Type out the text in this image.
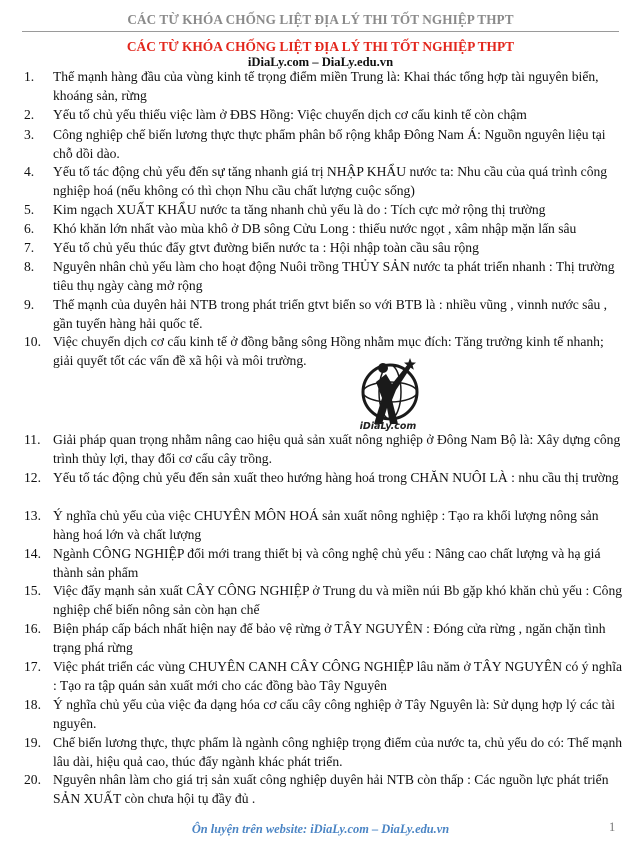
CÁC TỪ KHÓA CHỐNG LIỆT ĐỊA LÝ THI TỐT NGHIỆP THPT
CÁC TỪ KHÓA CHỐNG LIỆT ĐỊA LÝ THI TỐT NGHIỆP THPT
iDiaLy.com – DiaLy.edu.vn
1.	Thế mạnh hàng đầu của vùng kinh tế trọng điểm miền Trung là: Khai thác tổng hợp tài nguyên biển, khoáng sản, rừng
2.	Yếu tố chủ yếu thiếu việc làm ở ĐBS Hồng: Việc chuyển dịch cơ cấu kinh tế còn chậm
3.	Công nghiệp chế biến lương thực thực phẩm phân bố rộng khắp Đông Nam Á: Nguồn nguyên liệu tại chỗ dồi dào.
4.	Yếu tố tác động chủ yếu đến sự tăng nhanh giá trị NHẬP KHẨU nước ta: Nhu cầu của quá trình công nghiệp hoá (nếu không có thì chọn Nhu cầu chất lượng cuộc sống)
5.	Kim ngạch XUẤT KHẨU nước ta tăng nhanh chủ yếu là do : Tích cực mở rộng thị trường
6.	Khó khăn lớn nhất vào mùa khô ở DB sông Cửu Long : thiếu nước ngọt , xâm nhập mặn lấn sâu
7.	Yếu tố chủ yếu thúc đẩy gtvt đường biển nước ta : Hội nhập toàn cầu sâu rộng
8.	Nguyên nhân chủ yếu làm cho hoạt động Nuôi trồng THỦY SẢN nước ta phát triển nhanh : Thị trường tiêu thụ ngày càng mở rộng
9.	Thế mạnh của duyên hải NTB trong phát triển gtvt biển so với BTB là : nhiều vũng , vinnh nước sâu , gần tuyến hàng hải quốc tế.
10. Việc chuyển dịch cơ cấu kinh tế ở đồng bằng sông Hồng nhằm mục đích: Tăng trưởng kinh tế nhanh; giải quyết tốt các vấn đề xã hội và môi trường.
11. Giải pháp quan trọng nhằm nâng cao hiệu quả sản xuất nông nghiệp ở Đông Nam Bộ là: Xây dựng công trình thủy lợi, thay đổi cơ cấu cây trồng.
12. Yếu tố tác động chủ yếu đến sản xuất theo hướng hàng hoá trong CHĂN NUÔI LÀ : nhu cầu thị trường
13. Ý nghĩa chủ yếu của việc CHUYÊN MÔN HOÁ sản xuất nông nghiệp : Tạo ra khối lượng nông sản hàng hoá lớn và chất lượng
14. Ngành CÔNG NGHIỆP đổi mới trang thiết bị và công nghệ chủ yếu : Nâng cao chất lượng và hạ giá thành sản phẩm
15. Việc đẩy mạnh sản xuất CÂY CÔNG NGHIỆP ở Trung du và miền núi Bb gặp khó khăn chủ yếu : Công nghiệp chế biến nông sản còn hạn chế
16. Biện pháp cấp bách nhất hiện nay để bảo vệ rừng ở TÂY NGUYÊN : Đóng cửa rừng , ngăn chặn tình trạng phá rừng
17. Việc phát triển các vùng CHUYÊN CANH CÂY CÔNG NGHIỆP lâu năm ở TÂY NGUYÊN có ý nghĩa : Tạo ra tập quán sản xuất mới cho các đồng bào Tây Nguyên
18. Ý nghĩa chủ yếu của việc đa dạng hóa cơ cấu cây công nghiệp ở Tây Nguyên là: Sử dụng hợp lý các tài nguyên.
19. Chế biến lương thực, thực phẩm là ngành công nghiệp trọng điểm của nước ta, chủ yếu do có: Thế mạnh lâu dài, hiệu quả cao, thúc đẩy ngành khác phát triển.
20. Nguyên nhân làm cho giá trị sản xuất công nghiệp duyên hải NTB còn thấp : Các nguồn lực phát triển SẢN XUẤT còn chưa hội tụ đầy đủ .
iDiaLy.com
Ôn luyện trên website: iDiaLy.com – DiaLy.edu.vn	1
